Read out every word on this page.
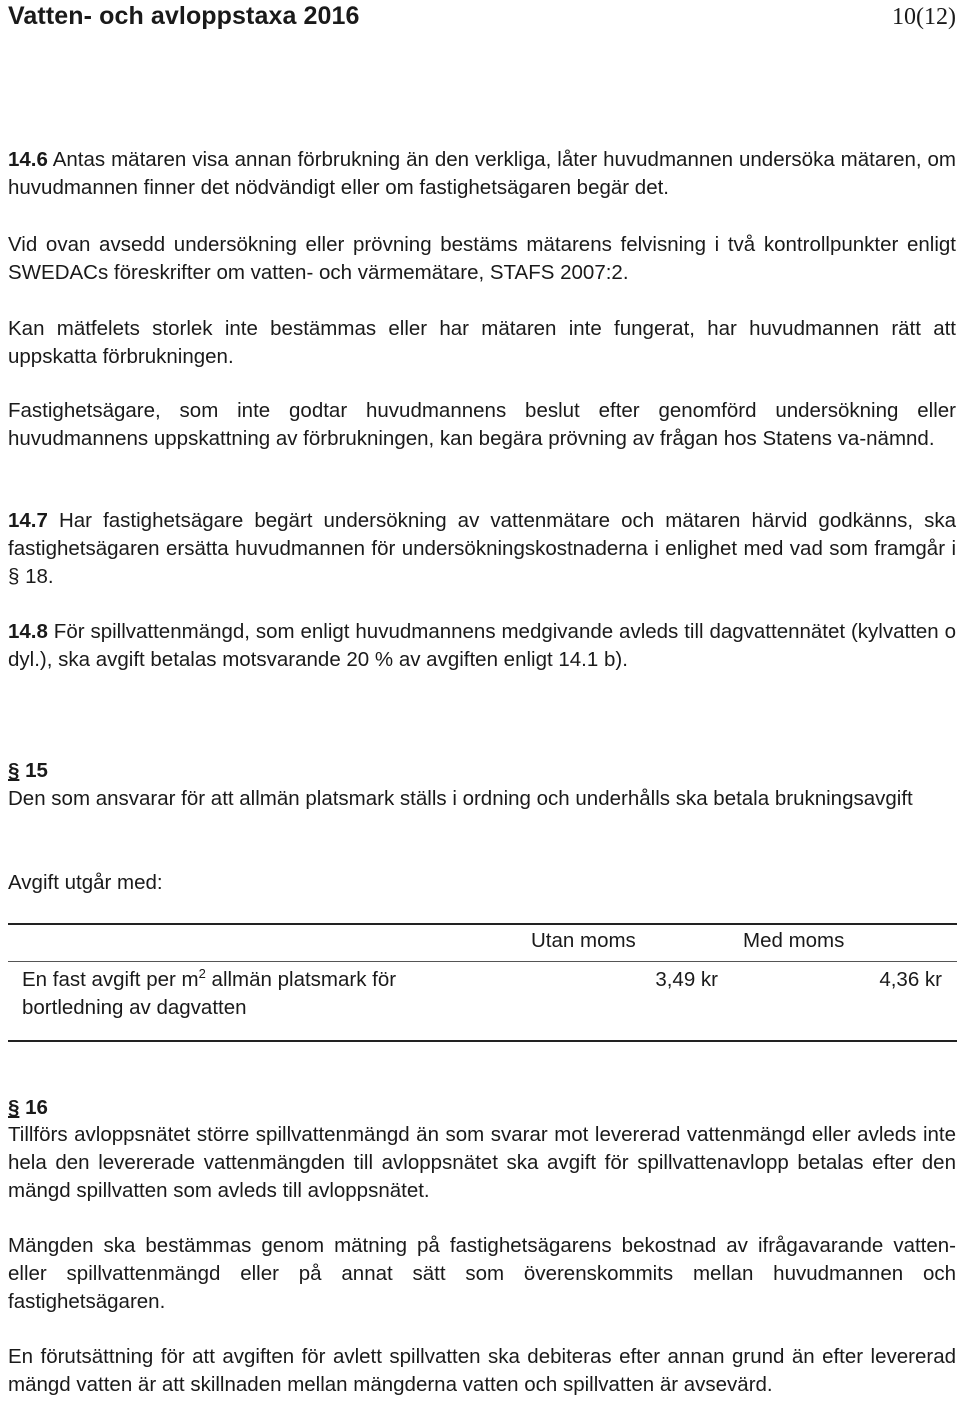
Vatten- och avloppstaxa 2016	10(12)
14.6 Antas mätaren visa annan förbrukning än den verkliga, låter huvudmannen undersöka mätaren, om huvudmannen finner det nödvändigt eller om fastighetsägaren begär det.
Vid ovan avsedd undersökning eller prövning bestäms mätarens felvisning i två kontrollpunkter enligt SWEDACs föreskrifter om vatten- och värmemätare, STAFS 2007:2.
Kan mätfelets storlek inte bestämmas eller har mätaren inte fungerat, har huvudmannen rätt att uppskatta förbrukningen.
Fastighetsägare, som inte godtar huvudmannens beslut efter genomförd undersökning eller huvudmannens uppskattning av förbrukningen, kan begära prövning av frågan hos Statens va-nämnd.
14.7 Har fastighetsägare begärt undersökning av vattenmätare och mätaren härvid godkänns, ska fastighetsägaren ersätta huvudmannen för undersökningskostnaderna i enlighet med vad som framgår i § 18.
14.8 För spillvattenmängd, som enligt huvudmannens medgivande avleds till dagvattennätet (kylvatten o dyl.), ska avgift betalas motsvarande 20 % av avgiften enligt 14.1 b).
§ 15
Den som ansvarar för att allmän platsmark ställs i ordning och underhålls ska betala brukningsavgift
Avgift utgår med:
Utan moms	Med moms
En fast avgift per $m^2$ allmän platsmark för
bortledning av dagvatten
3,49 kr	4,36 kr
§ 16
Tillförs avloppsnätet större spillvattenmängd än som svarar mot levererad vattenmängd eller avleds inte hela den levererade vattenmängden till avloppsnätet ska avgift för spillvattenavlopp betalas efter den mängd spillvatten som avleds till avloppsnätet.
Mängden ska bestämmas genom mätning på fastighetsägarens bekostnad av ifrågavarande vatten- eller spillvattenmängd eller på annat sätt som överenskommits mellan huvudmannen och fastighetsägaren.
En förutsättning för att avgiften för avlett spillvatten ska debiteras efter annan grund än efter levererad mängd vatten är att skillnaden mellan mängderna vatten och spillvatten är avsevärd.
